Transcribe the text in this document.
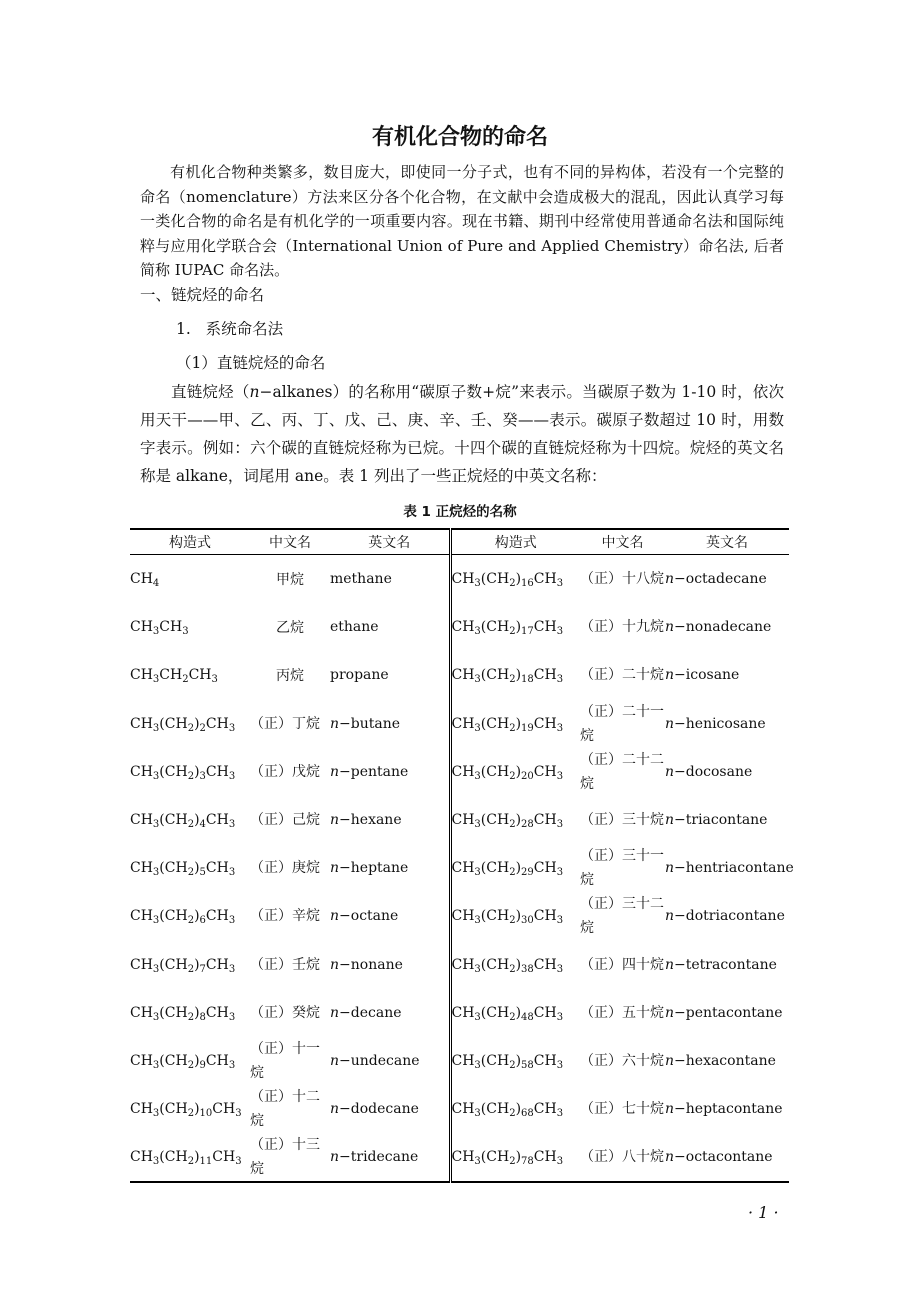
有机化合物的命名

有机化合物种类繁多，数目庞大，即使同一分子式，也有不同的异构体，若没有一个完整的命名（nomenclature）方法来区分各个化合物，在文献中会造成极大的混乱，因此认真学习每一类化合物的命名是有机化学的一项重要内容。现在书籍、期刊中经常使用普通命名法和国际纯粹与应用化学联合会（International Union of Pure and Applied Chemistry）命名法, 后者简称 IUPAC 命名法。

一、链烷烃的命名

1.   系统命名法

（1）直链烷烃的命名

直链烷烃（n−alkanes）的名称用“碳原子数+烷”来表示。当碳原子数为 1-10 时，依次用天干——甲、乙、丙、丁、戊、己、庚、辛、壬、癸——表示。碳原子数超过 10 时，用数字表示。例如：六个碳的直链烷烃称为已烷。十四个碳的直链烷烃称为十四烷。烷烃的英文名称是 alkane，词尾用 ane。表 1 列出了一些正烷烃的中英文名称：

表 1 正烷烃的名称

构造式	中文名	英文名	构造式	中文名	英文名
$CH_4$	甲烷	methane	$CH_3(CH_2)_{16}CH_3$	（正）十八烷	n−octadecane
$CH_3CH_3$	乙烷	ethane	$CH_3(CH_2)_{17}CH_3$	（正）十九烷	n−nonadecane
$CH_3CH_2CH_3$	丙烷	propane	$CH_3(CH_2)_{18}CH_3$	（正）二十烷	n−icosane
$CH_3(CH_2)_2CH_3$	（正）丁烷	n−butane	$CH_3(CH_2)_{19}CH_3$	（正）二十一烷	n−henicosane
$CH_3(CH_2)_3CH_3$	（正）戊烷	n−pentane	$CH_3(CH_2)_{20}CH_3$	（正）二十二烷	n−docosane
$CH_3(CH_2)_4CH_3$	（正）己烷	n−hexane	$CH_3(CH_2)_{28}CH_3$	（正）三十烷	n−triacontane
$CH_3(CH_2)_5CH_3$	（正）庚烷	n−heptane	$CH_3(CH_2)_{29}CH_3$	（正）三十一烷	n−hentriacontane
$CH_3(CH_2)_6CH_3$	（正）辛烷	n−octane	$CH_3(CH_2)_{30}CH_3$	（正）三十二烷	n−dotriacontane
$CH_3(CH_2)_7CH_3$	（正）壬烷	n−nonane	$CH_3(CH_2)_{38}CH_3$	（正）四十烷	n−tetracontane
$CH_3(CH_2)_8CH_3$	（正）癸烷	n−decane	$CH_3(CH_2)_{48}CH_3$	（正）五十烷	n−pentacontane
$CH_3(CH_2)_9CH_3$	（正）十一烷	n−undecane	$CH_3(CH_2)_{58}CH_3$	（正）六十烷	n−hexacontane
$CH_3(CH_2)_{10}CH_3$	（正）十二烷	n−dodecane	$CH_3(CH_2)_{68}CH_3$	（正）七十烷	n−heptacontane
$CH_3(CH_2)_{11}CH_3$	（正）十三烷	n−tridecane	$CH_3(CH_2)_{78}CH_3$	（正）八十烷	n−octacontane
· 1 ·
